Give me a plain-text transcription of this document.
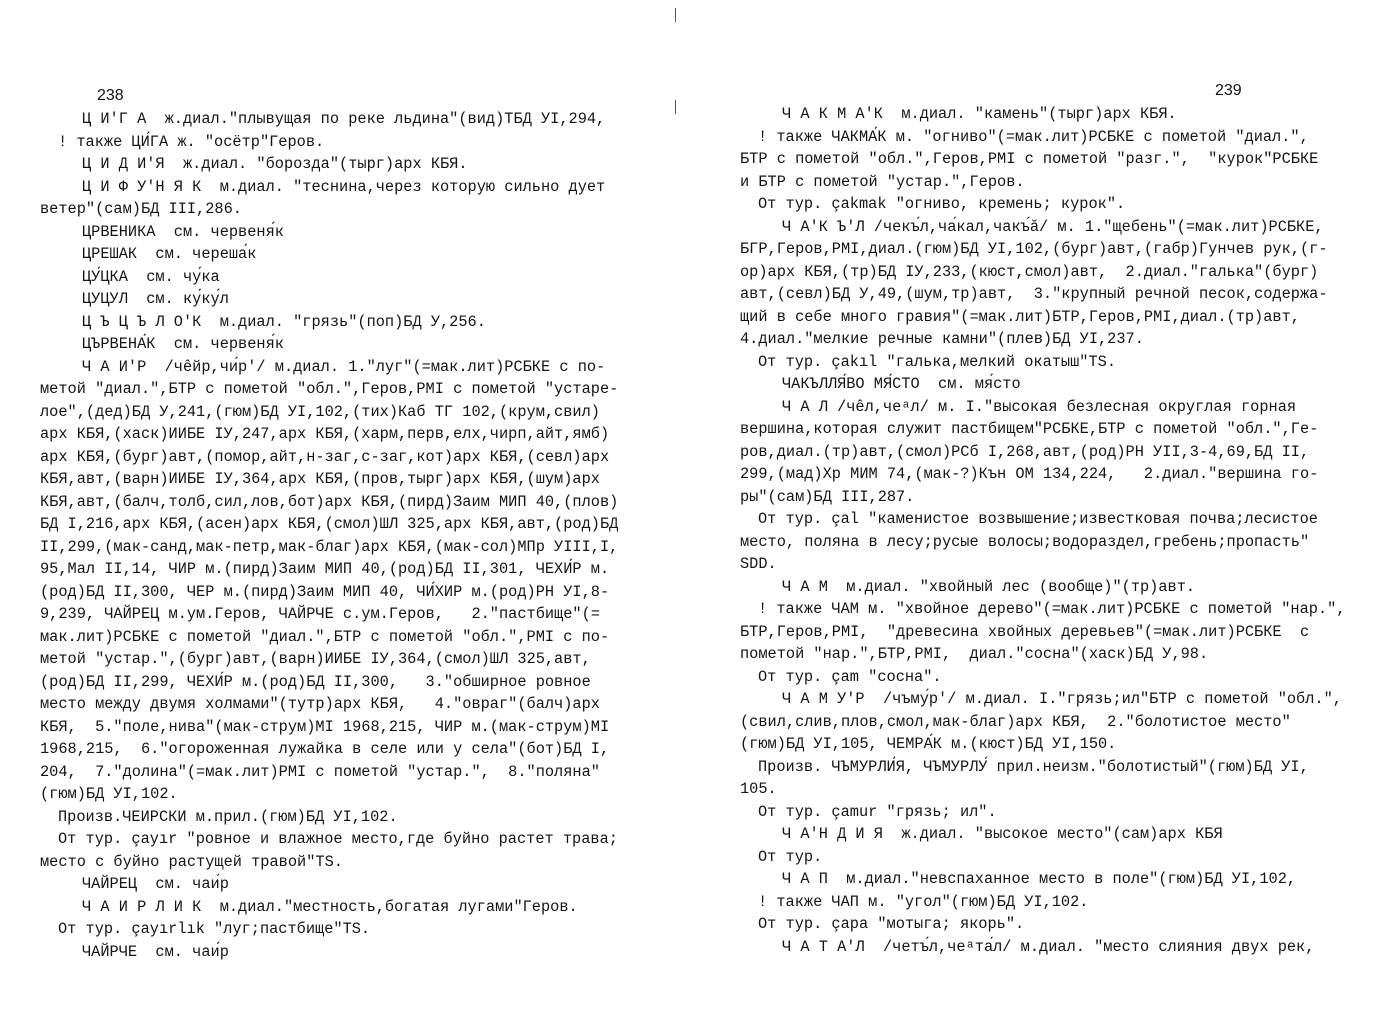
238
Ц И′Г А  ж.диал."плывущая по реке льдина"(вид)ТБД УI,294,
! также ЦИ́ГА ж. "осётр"Геров.
Ц И Д И′Я  ж.диал. "борозда"(тырг)арх КБЯ.
Ц И Ф У′Н Я К  м.диал. "теснина,через которую сильно дует
ветер"(сам)БД III,286.
ЦРВЕНИКА  см. червеня́к
ЦРЕШАК  см. череша́к
ЦУ́ЦКА  см. чу́ка
ЦУЦУЛ  см. ку́ку́л
Ц Ъ Ц Ъ Л О′К  м.диал. "грязь"(поп)БД У,256.
ЦЪРВЕНА́К  см. червеня́к
Ч А И′Р  /чêйр,чи́р'/ м.диал. 1."луг"(=мак.лит)РСБКЕ с по-
метой "диал.",БТР с пометой "обл.",Геров,РМI с пометой "устаре-
лое",(дед)БД У,241,(гюм)БД УI,102,(тих)Каб ТГ 102,(крум,свил)
арх КБЯ,(хаск)ИИБЕ IУ,247,арх КБЯ,(харм,перв,елх,чирп,айт,ямб)
арх КБЯ,(бург)авт,(помор,айт,н-заг,с-заг,кот)арх КБЯ,(севл)арх
КБЯ,авт,(варн)ИИБЕ IУ,364,арх КБЯ,(пров,тырг)арх КБЯ,(шум)арх
КБЯ,авт,(балч,толб,сил,лов,бот)арх КБЯ,(пирд)Заим МИП 40,(плов)
БД I,216,арх КБЯ,(асен)арх КБЯ,(смол)ШЛ 325,арх КБЯ,авт,(род)БД
II,299,(мак-санд,мак-петр,мак-благ)арх КБЯ,(мак-сол)МПр УIII,I,
95,Мал II,14, ЧИР м.(пирд)Заим МИП 40,(род)БД II,301, ЧЕХИ́Р м.
(род)БД II,300, ЧЕР м.(пирд)Заим МИП 40, ЧИ́ХИР м.(род)РН УI,8-
9,239, ЧАЙРЕЦ м.ум.Геров, ЧАЙРЧЕ с.ум.Геров,   2."пастбище"(=
мак.лит)РСБКЕ с пометой "диал.",БТР с пометой "обл.",РМI с по-
метой "устар.",(бург)авт,(варн)ИИБЕ IУ,364,(смол)ШЛ 325,авт,
(род)БД II,299, ЧЕХИ́Р м.(род)БД II,300,   3."обширное ровное
место между двумя холмами"(тутр)арх КБЯ,   4."овраг"(балч)арх
КБЯ,  5."поле,нива"(мак-струм)МI 1968,215, ЧИР м.(мак-струм)МI
1968,215,  6."огороженная лужайка в селе или у села"(бот)БД I,
204,  7."долина"(=мак.лит)РМI с пометой "устар.",  8."поляна"
(гюм)БД УI,102.
Произв.ЧЕИРСКИ м.прил.(гюм)БД УI,102.
От тур. çayır "ровное и влажное место,где буйно растет трава;
место с буйно растущей травой"TS.
ЧАЙРЕЦ  см. чаи́р
Ч А И Р Л И К  м.диал."местность,богатая лугами"Геров.
От тур. çayırlık "луг;пастбище"TS.
ЧАЙРЧЕ  см. чаи́р
239
Ч А К М А′К  м.диал. "камень"(тырг)арх КБЯ.
! также ЧАКМА́К м. "огниво"(=мак.лит)РСБКЕ с пометой "диал.",
БТР с пометой "обл.",Геров,РМI с пометой "разг.",  "курок"РСБКЕ
и БТР с пометой "устар.",Геров.
От тур. çakmak "огниво, кремень; курок".
Ч А′К Ъ′Л /чекъ́л,ча́кал,чакъ́ă/ м. 1."щебень"(=мак.лит)РСБКЕ,
БГР,Геров,РМI,диал.(гюм)БД УI,102,(бург)авт,(габр)Гунчев рук,(г-
ор)арх КБЯ,(тр)БД IУ,233,(кюст,смол)авт,  2.диал."галька"(бург)
авт,(севл)БД У,49,(шум,тр)авт,  3."крупный речной песок,содержа-
щий в себе много гравия"(=мак.лит)БТР,Геров,РМI,диал.(тр)авт,
4.диал."мелкие речные камни"(плев)БД УI,237.
От тур. çakıl "галька,мелкий окатыш"TS.
ЧАКЪЛЛЯ́ВО МЯ́СТО  см. мя́сто
Ч А Л /чêл,чеᵃл/ м. I."высокая безлесная округлая горная
вершина,которая служит пастбищем"РСБКЕ,БТР с пометой "обл.",Ге-
ров,диал.(тр)авт,(смол)РСб I,268,авт,(род)РН УII,3-4,69,БД II,
299,(мад)Хр МИМ 74,(мак-?)Кън ОМ 134,224,   2.диал."вершина го-
ры"(сам)БД III,287.
От тур. çal "каменистое возвышение;известковая почва;лесистое
место, поляна в лесу;русые волосы;водораздел,гребень;пропасть"
SDD.
Ч А М  м.диал. "хвойный лес (вообще)"(тр)авт.
! также ЧАМ м. "хвойное дерево"(=мак.лит)РСБКЕ с пометой "нар.",
БТР,Геров,РМI,  "древесина хвойных деревьев"(=мак.лит)РСБКЕ  с
пометой "нар.",БТР,РМI,  диал."сосна"(хаск)БД У,98.
От тур. çam "сосна".
Ч А М У′Р  /чъму́р'/ м.диал. I."грязь;ил"БТР с пометой "обл.",
(свил,слив,плов,смол,мак-благ)арх КБЯ,  2."болотистое место"
(гюм)БД УI,105, ЧЕМРА́К м.(кюст)БД УI,150.
Произв. ЧЪМУРЛИ́Я, ЧЪМУРЛУ́ прил.неизм."болотистый"(гюм)БД УI,
105.
От тур. çamur "грязь; ил".
Ч А′Н Д И Я  ж.диал. "высокое место"(сам)арх КБЯ
От тур.
Ч А П  м.диал."невспаханное место в поле"(гюм)БД УI,102,
! также ЧАП м. "угол"(гюм)БД УI,102.
От тур. çapa "мотыга; якорь".
Ч А Т А′Л  /четъ́л,чеᵃта́л/ м.диал. "место слияния двух рек,
